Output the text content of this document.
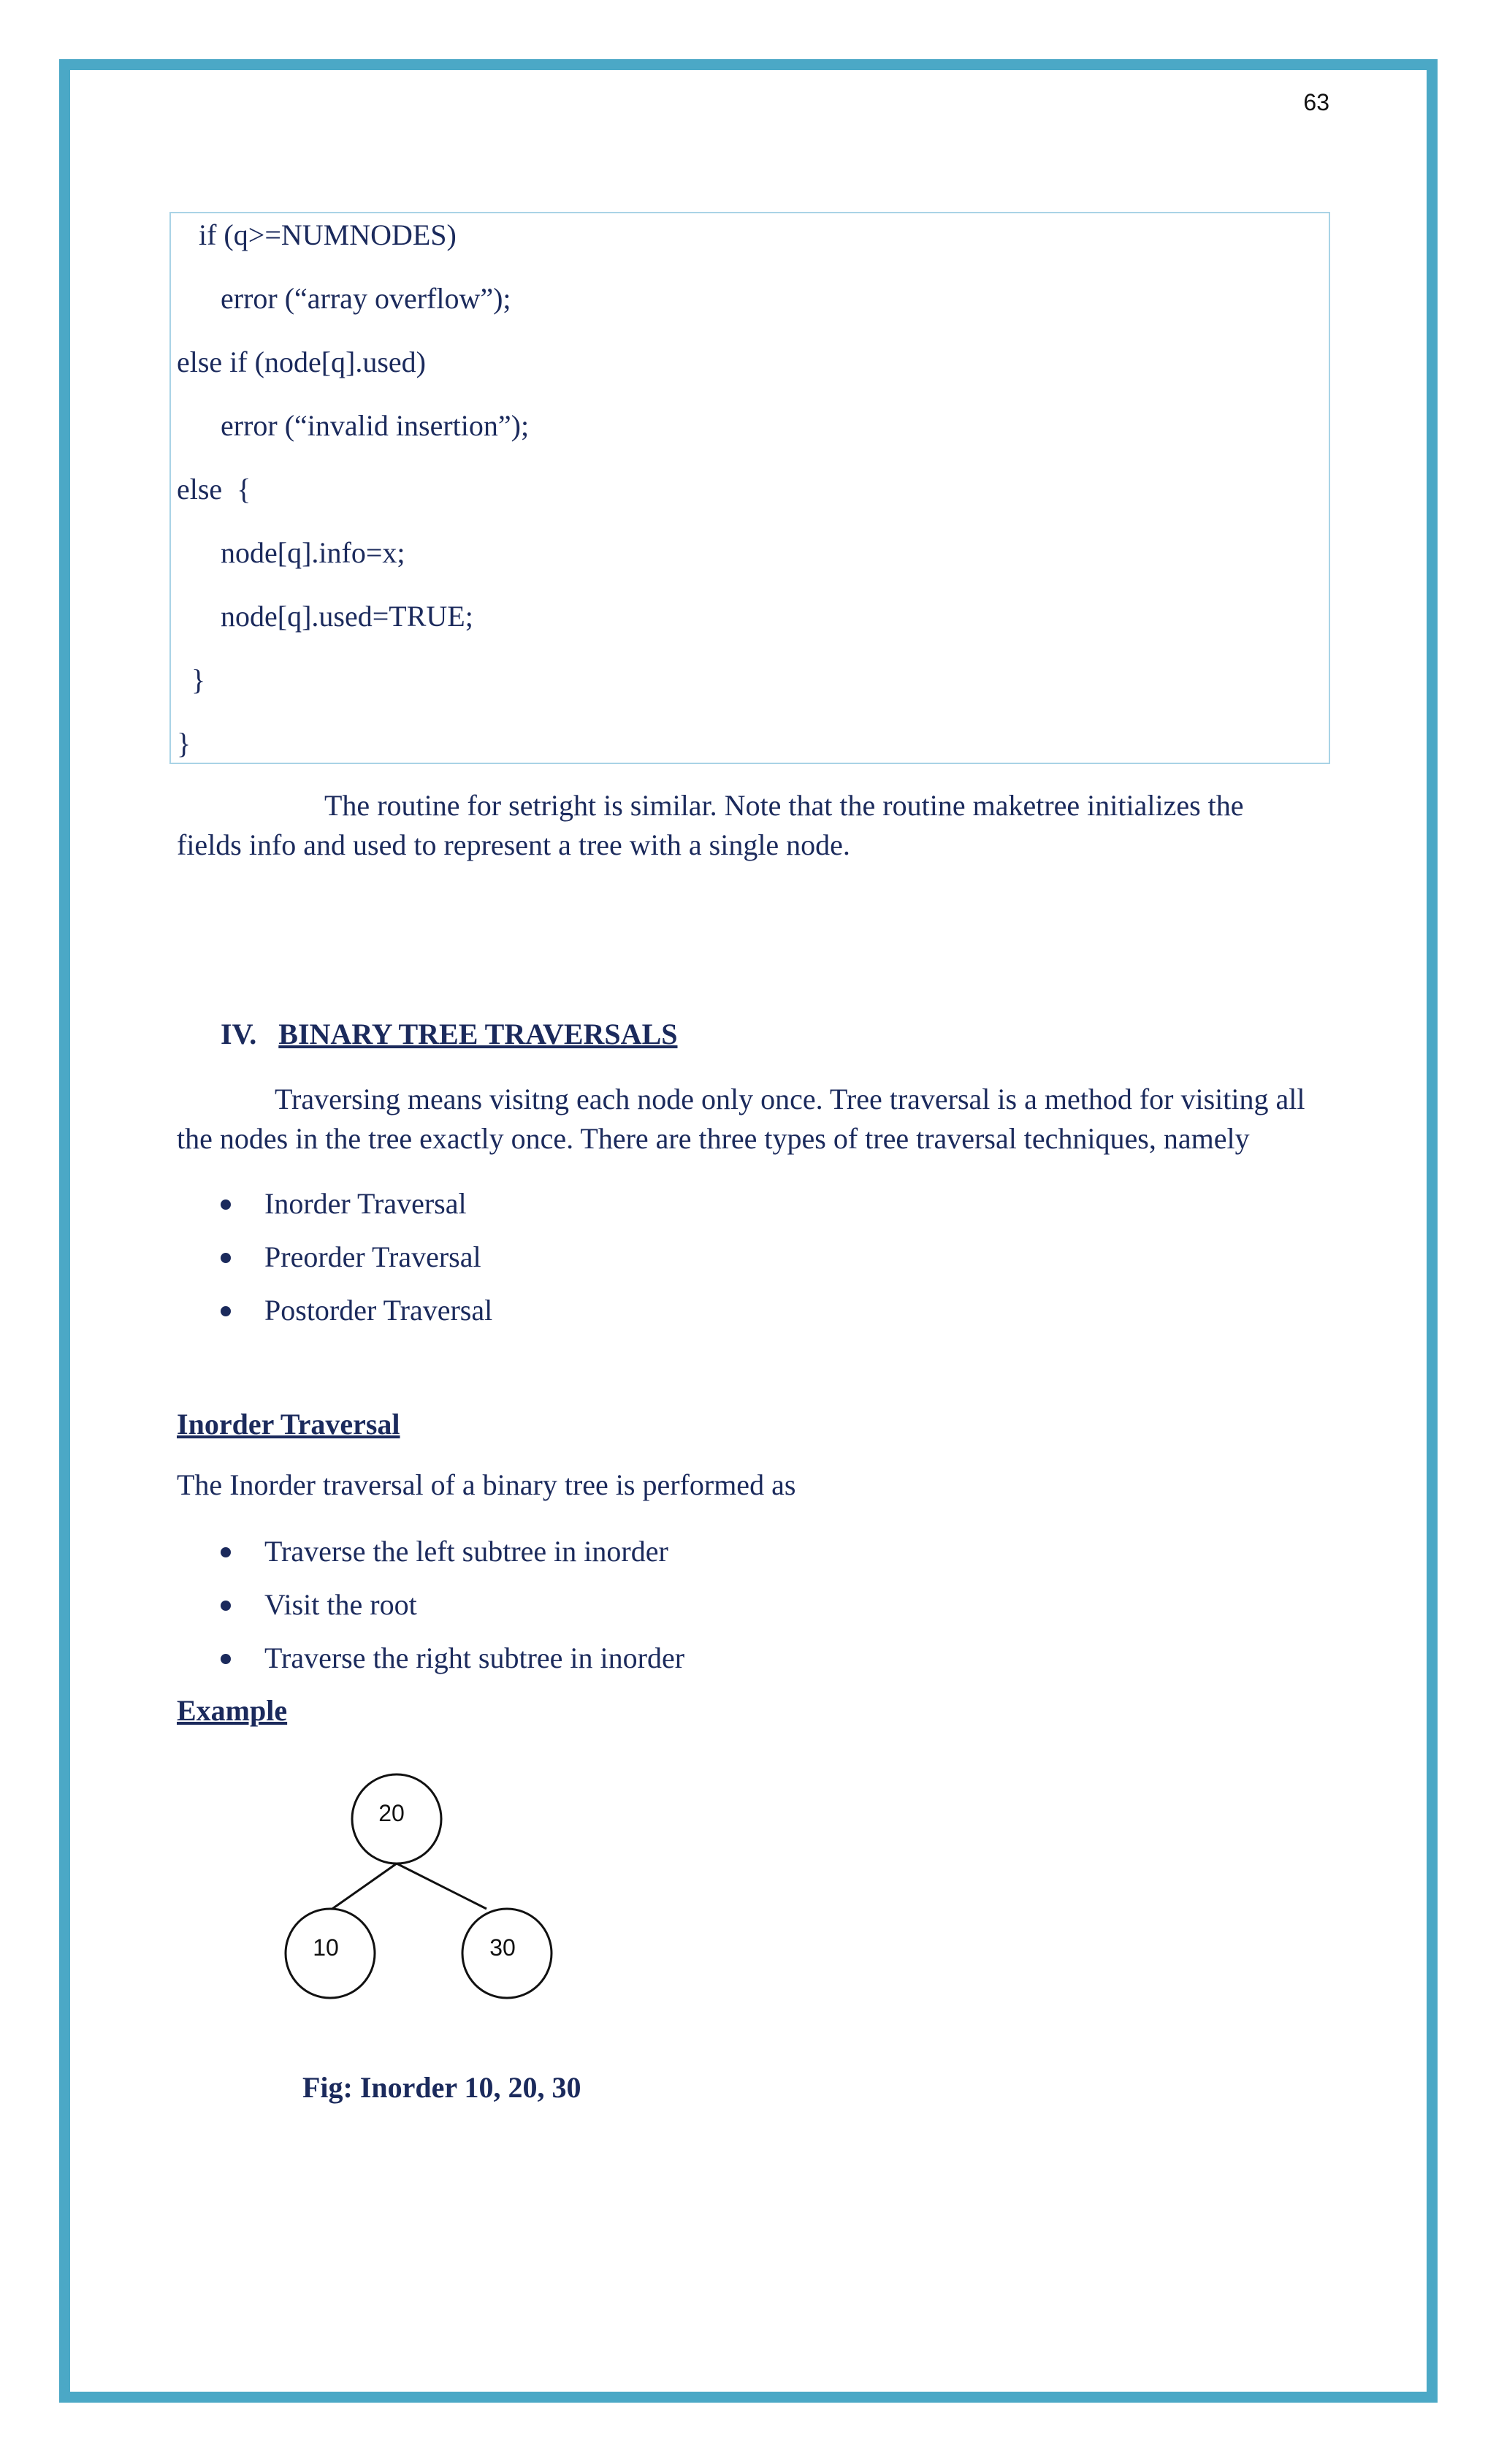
63
if (q>=NUMNODES)
error (“array overflow”);
else if (node[q].used)
error (“invalid insertion”);
else  {
node[q].info=x;
node[q].used=TRUE;
}
}
The routine for setright is similar. Note that the routine maketree initializes the
fields info and used to represent a tree with a single node.
IV. BINARY TREE TRAVERSALS
Traversing means visitng each node only once. Tree traversal is a method for visiting all
the nodes in the tree exactly once. There are three types of tree traversal techniques, namely
Inorder Traversal
Preorder Traversal
Postorder Traversal
Inorder Traversal
The Inorder traversal of a binary tree is performed as
Traverse the left subtree in inorder
Visit the root
Traverse the right subtree in inorder
Example
20
10	30
Fig: Inorder 10, 20, 30
